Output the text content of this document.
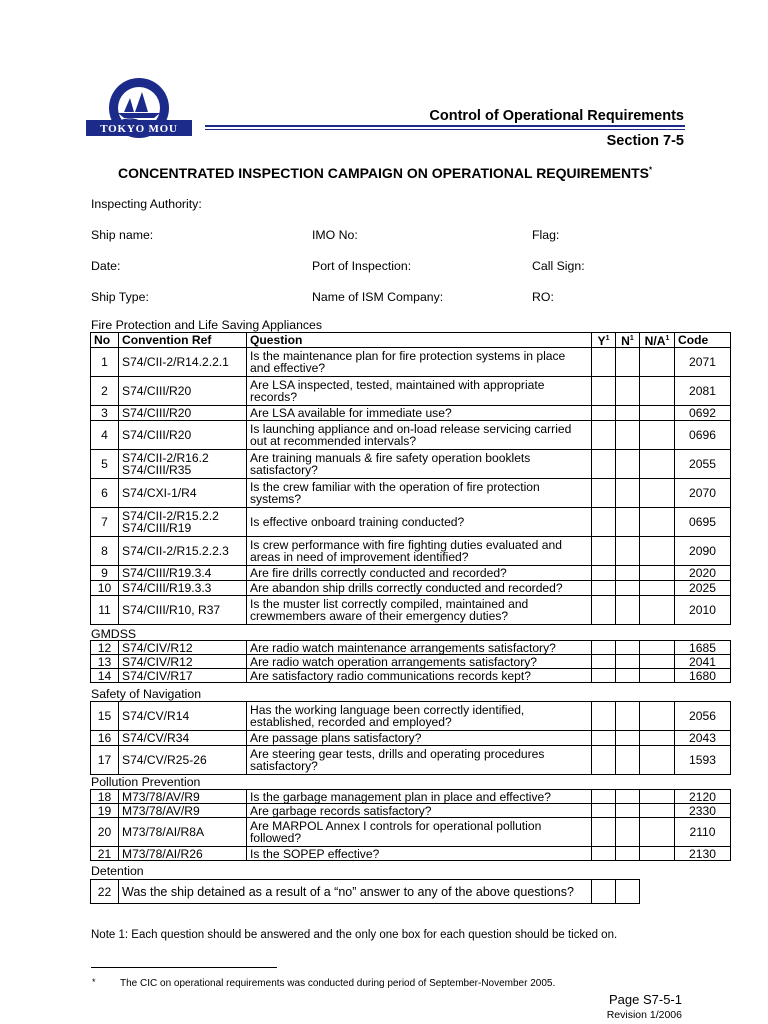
ASIA PACIFIC PSC
TOKYO MOU
Control of Operational Requirements
Section 7-5
CONCENTRATED INSPECTION CAMPAIGN ON OPERATIONAL REQUIREMENTS*
Inspecting Authority:
Ship name:	IMO No:	Flag:
Date:	Port of Inspection:	Call Sign:
Ship Type:	Name of ISM Company:	RO:
Fire Protection and Life Saving Appliances
No	Convention Ref	Question	$Y^1$	$N^1$	$N/A^1$	Code
1	S74/CII-2/R14.2.2.1	Is the maintenance plan for fire protection systems in place and effective?				2071
2	S74/CIII/R20	Are LSA inspected, tested, maintained with appropriate records?				2081
3	S74/CIII/R20	Are LSA available for immediate use?				0692
4	S74/CIII/R20	Is launching appliance and on-load release servicing carried out at recommended intervals?				0696
5	S74/CII-2/R16.2
S74/CIII/R35	Are training manuals & fire safety operation booklets satisfactory?				2055
6	S74/CXI-1/R4	Is the crew familiar with the operation of fire protection systems?				2070
7	S74/CII-2/R15.2.2
S74/CIII/R19	Is effective onboard training conducted?				0695
8	S74/CII-2/R15.2.2.3	Is crew performance with fire fighting duties evaluated and areas in need of improvement identified?				2090
9	S74/CIII/R19.3.4	Are fire drills correctly conducted and recorded?				2020
10	S74/CIII/R19.3.3	Are abandon ship drills correctly conducted and recorded?				2025
11	S74/CIII/R10, R37	Is the muster list correctly compiled, maintained and crewmembers aware of their emergency duties?				2010
GMDSS
12	S74/CIV/R12	Are radio watch maintenance arrangements satisfactory?				1685
13	S74/CIV/R12	Are radio watch operation arrangements satisfactory?				2041
14	S74/CIV/R17	Are satisfactory radio communications records kept?				1680
Safety of Navigation
15	S74/CV/R14	Has the working language been correctly identified, established, recorded and employed?				2056
16	S74/CV/R34	Are passage plans satisfactory?				2043
17	S74/CV/R25-26	Are steering gear tests, drills and operating procedures satisfactory?				1593
Pollution Prevention
18	M73/78/AV/R9	Is the garbage management plan in place and effective?				2120
19	M73/78/AV/R9	Are garbage records satisfactory?				2330
20	M73/78/AI/R8A	Are MARPOL Annex I controls for operational pollution followed?				2110
21	M73/78/AI/R26	Is the SOPEP effective?				2130
Detention
22	Was the ship detained as a result of a “no” answer to any of the above questions?		
Note 1: Each question should be answered and the only one box for each question should be ticked on.
* The CIC on operational requirements was conducted during period of September-November 2005.
Page S7-5-1
Revision 1/2006
